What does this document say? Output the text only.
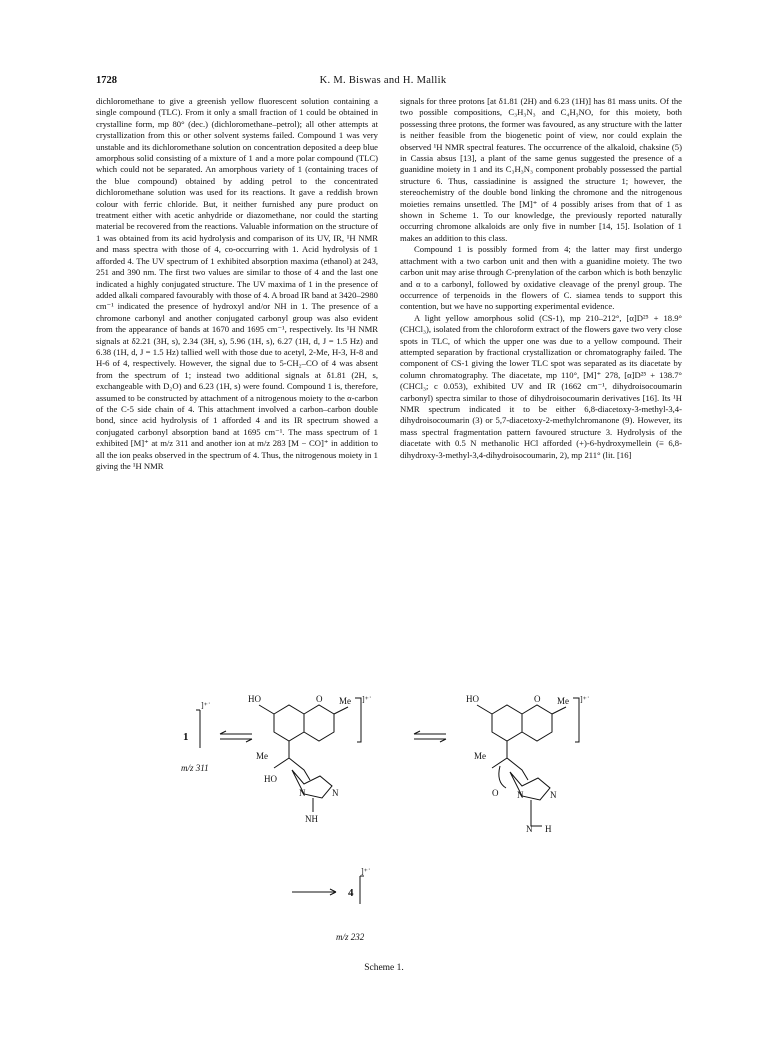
1728	K. M. Biswas and H. Mallik

dichloromethane to give a greenish yellow fluorescent solution containing a single compound (TLC). From it only a small fraction of 1 could be obtained in crystalline form, mp 80° (dec.) (dichloromethane–petrol); all other attempts at crystallization from this or other solvent systems failed. Compound 1 was very unstable and its dichloromethane solution on concentration deposited a deep blue amorphous solid consisting of a mixture of 1 and a more polar compound (TLC) which could not be separated. An amorphous variety of 1 (containing traces of the blue compound) obtained by adding petrol to the concentrated dichloromethane solution was used for its reactions. It gave a reddish brown colour with ferric chloride. But, it neither furnished any pure product on treatment either with acetic anhydride or diazomethane, nor could the starting material be recovered from the reactions. Valuable information on the structure of 1 was obtained from its acid hydrolysis and comparison of its UV, IR, ¹H NMR and mass spectra with those of 4, co-occurring with 1. Acid hydrolysis of 1 afforded 4. The UV spectrum of 1 exhibited absorption maxima (ethanol) at 243, 251 and 390 nm. The first two values are similar to those of 4 and the last one indicated a highly conjugated structure. The UV maxima of 1 in the presence of added alkali compared favourably with those of 4. A broad IR band at 3420–2980 cm⁻¹ indicated the presence of hydroxyl and/or NH in 1. The presence of a chromone carbonyl and another conjugated carbonyl group was also evident from the appearance of bands at 1670 and 1695 cm⁻¹, respectively. Its ¹H NMR signals at δ2.21 (3H, s), 2.34 (3H, s), 5.96 (1H, s), 6.27 (1H, d, J = 1.5 Hz) and 6.38 (1H, d, J = 1.5 Hz) tallied well with those due to acetyl, 2-Me, H-3, H-8 and H-6 of 4, respectively. However, the signal due to 5-CH₂–CO of 4 was absent from the spectrum of 1; instead two additional signals at δ1.81 (2H, s, exchangeable with D₂O) and 6.23 (1H, s) were found. Compound 1 is, therefore, assumed to be constructed by attachment of a nitrogenous moiety to the α-carbon of the C-5 side chain of 4. This attachment involved a carbon–carbon double bond, since acid hydrolysis of 1 afforded 4 and its IR spectrum showed a conjugated carbonyl absorption band at 1695 cm⁻¹. The mass spectrum of 1 exhibited [M]⁺ at m/z 311 and another ion at m/z 283 [M − CO]⁺ in addition to all the ion peaks observed in the spectrum of 4. Thus, the nitrogenous moiety in 1 giving the ¹H NMR

signals for three protons [at δ1.81 (2H) and 6.23 (1H)] has 81 mass units. Of the two possible compositions, C₃H₃N₃ and C₄H₃NO, for this moiety, both possessing three protons, the former was favoured, as any structure with the latter is neither feasible from the biogenetic point of view, nor could explain the observed ¹H NMR spectral features. The occurrence of the alkaloid, chaksine (5) in Cassia absus [13], a plant of the same genus suggested the presence of a guanidine moiety in 1 and its C₃H₃N₃ component probably possessed the partial structure 6. Thus, cassiadinine is assigned the structure 1; however, the stereochemistry of the double bond linking the chromone and the nitrogenous moieties remains unsettled. The [M]⁺ of 4 possibly arises from that of 1 as shown in Scheme 1. To our knowledge, the previously reported naturally occurring chromone alkaloids are only five in number [14, 15]. Isolation of 1 makes an addition to this class.

Compound 1 is possibly formed from 4; the latter may first undergo attachment with a two carbon unit and then with a guanidine moiety. The two carbon unit may arise through C-prenylation of the carbon which is both benzylic and α to a carbonyl, followed by oxidative cleavage of the prenyl group. The occurrence of terpenoids in the flowers of C. siamea tends to support this contention, but we have no supporting experimental evidence.

A light yellow amorphous solid (CS-1), mp 210–212°, [α]D²⁵ + 18.9° (CHCl₃), isolated from the chloroform extract of the flowers gave two very close spots in TLC, of which the upper one was due to a yellow compound. Their attempted separation by fractional crystallization or chromatography failed. The component of CS-1 giving the lower TLC spot was separated as its diacetate by column chromatography. The diacetate, mp 110°, [M]⁺ 278, [α]D²⁵ + 138.7° (CHCl₃; c 0.053), exhibited UV and IR (1662 cm⁻¹, dihydroisocoumarin carbonyl) spectra similar to those of dihydroisocoumarin derivatives [16]. Its ¹H NMR spectrum indicated it to be either 6,8-diacetoxy-3-methyl-3,4-dihydroisocoumarin (3) or 5,7-diacetoxy-2-methylchromanone (9). However, its mass spectral fragmentation pattern favoured structure 3. Hydrolysis of the diacetate with 0.5 N methanolic HCl afforded (+)-6-hydroxymellein (≡ 6,8-dihydroxy-3-methyl-3,4-dihydroisocoumarin, 2), mp 211° (lit. [16]

1
]⁺˙
m/z 311
HO	O Me
Me
HO
N	N
NH
HO	O Me
Me
O N	N
N H
4
]⁺˙
m/z 232
]⁺˙	]⁺˙
Scheme 1.
